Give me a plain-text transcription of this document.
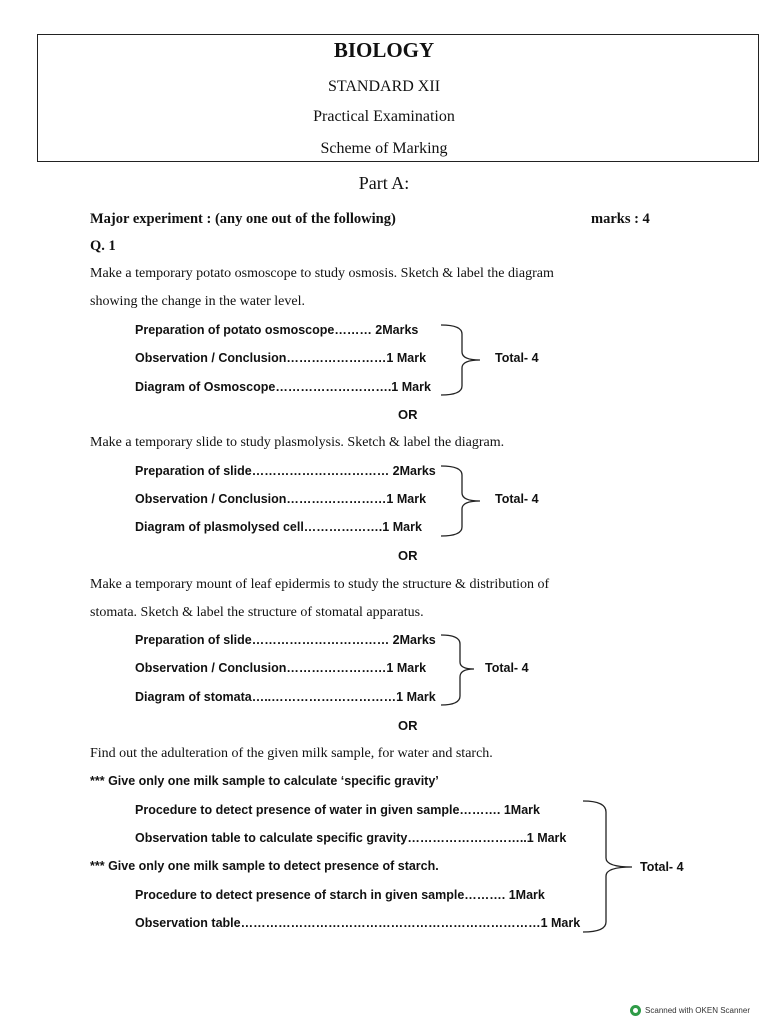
BIOLOGY
STANDARD XII
Practical Examination
Scheme of Marking
Part A:
Major experiment : (any one out of the following)	marks : 4
Q. 1
Make a temporary potato osmoscope to study osmosis. Sketch & label the diagram
showing the change in the water level.
Preparation of potato osmoscope……… 2Marks
Observation / Conclusion……………………1 Mark
Diagram of Osmoscope……………………….1 Mark
Total- 4
OR
Make a temporary slide to study plasmolysis. Sketch & label the diagram.
Preparation of slide…………………………… 2Marks
Observation / Conclusion……………………1 Mark
Diagram of plasmolysed cell……………….1 Mark
Total- 4
OR
Make a temporary mount of leaf epidermis to study the structure & distribution of
stomata. Sketch & label the structure of stomatal apparatus.
Preparation of slide…………………………… 2Marks
Observation / Conclusion……………………1 Mark
Diagram of stomata…..…………………………1 Mark
Total- 4
OR
Find out the adulteration of the given milk sample, for water and starch.
*** Give only one milk sample to calculate ‘specific gravity’
Procedure to detect presence of water in given sample………. 1Mark
Observation table to calculate specific gravity………………………..1 Mark
*** Give only one milk sample to detect presence of starch.
Procedure to detect presence of starch in given sample………. 1Mark
Observation table………………………………………………………………1 Mark
Total- 4
Scanned with OKEN Scanner
